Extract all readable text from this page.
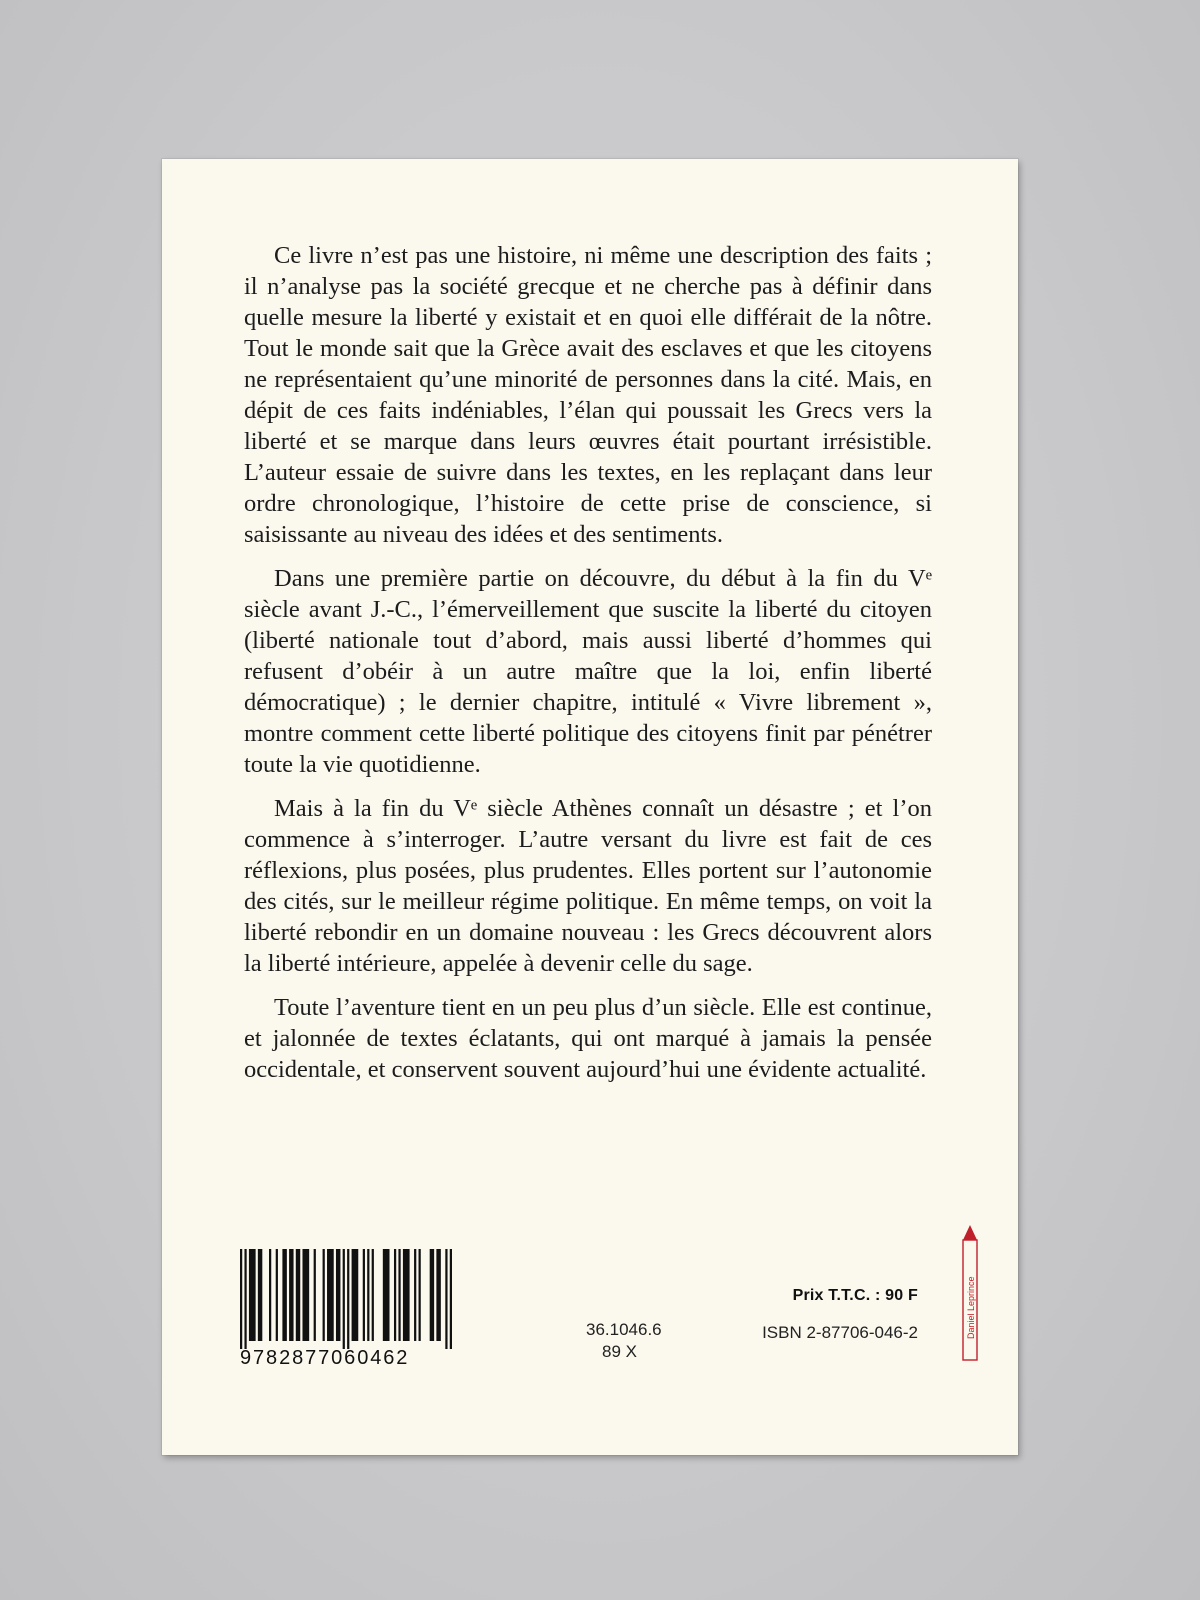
Ce livre n’est pas une histoire, ni même une description des faits ; il n’analyse pas la société grecque et ne cherche pas à définir dans quelle mesure la liberté y existait et en quoi elle différait de la nôtre. Tout le monde sait que la Grèce avait des esclaves et que les citoyens ne représentaient qu’une minorité de personnes dans la cité. Mais, en dépit de ces faits indéniables, l’élan qui poussait les Grecs vers la liberté et se marque dans leurs œuvres était pourtant irrésistible. L’auteur essaie de suivre dans les textes, en les replaçant dans leur ordre chronologique, l’histoire de cette prise de conscience, si saisissante au niveau des idées et des sentiments.

Dans une première partie on découvre, du début à la fin du Vᵉ siècle avant J.-C., l’émerveillement que suscite la liberté du citoyen (liberté nationale tout d’abord, mais aussi liberté d’hommes qui refusent d’obéir à un autre maître que la loi, enfin liberté démocratique) ; le dernier chapitre, intitulé « Vivre librement », montre comment cette liberté politique des citoyens finit par pénétrer toute la vie quotidienne.

Mais à la fin du Vᵉ siècle Athènes connaît un désastre ; et l’on commence à s’interroger. L’autre versant du livre est fait de ces réflexions, plus posées, plus prudentes. Elles portent sur l’autonomie des cités, sur le meilleur régime politique. En même temps, on voit la liberté rebondir en un domaine nouveau : les Grecs découvrent alors la liberté intérieure, appelée à devenir celle du sage.

Toute l’aventure tient en un peu plus d’un siècle. Elle est continue, et jalonnée de textes éclatants, qui ont marqué à jamais la pensée occidentale, et conservent souvent aujourd’hui une évidente actualité.

9782877060462
36.1046.6
89 X
Prix T.T.C. : 90 F
ISBN 2-87706-046-2	Daniel Leprince
